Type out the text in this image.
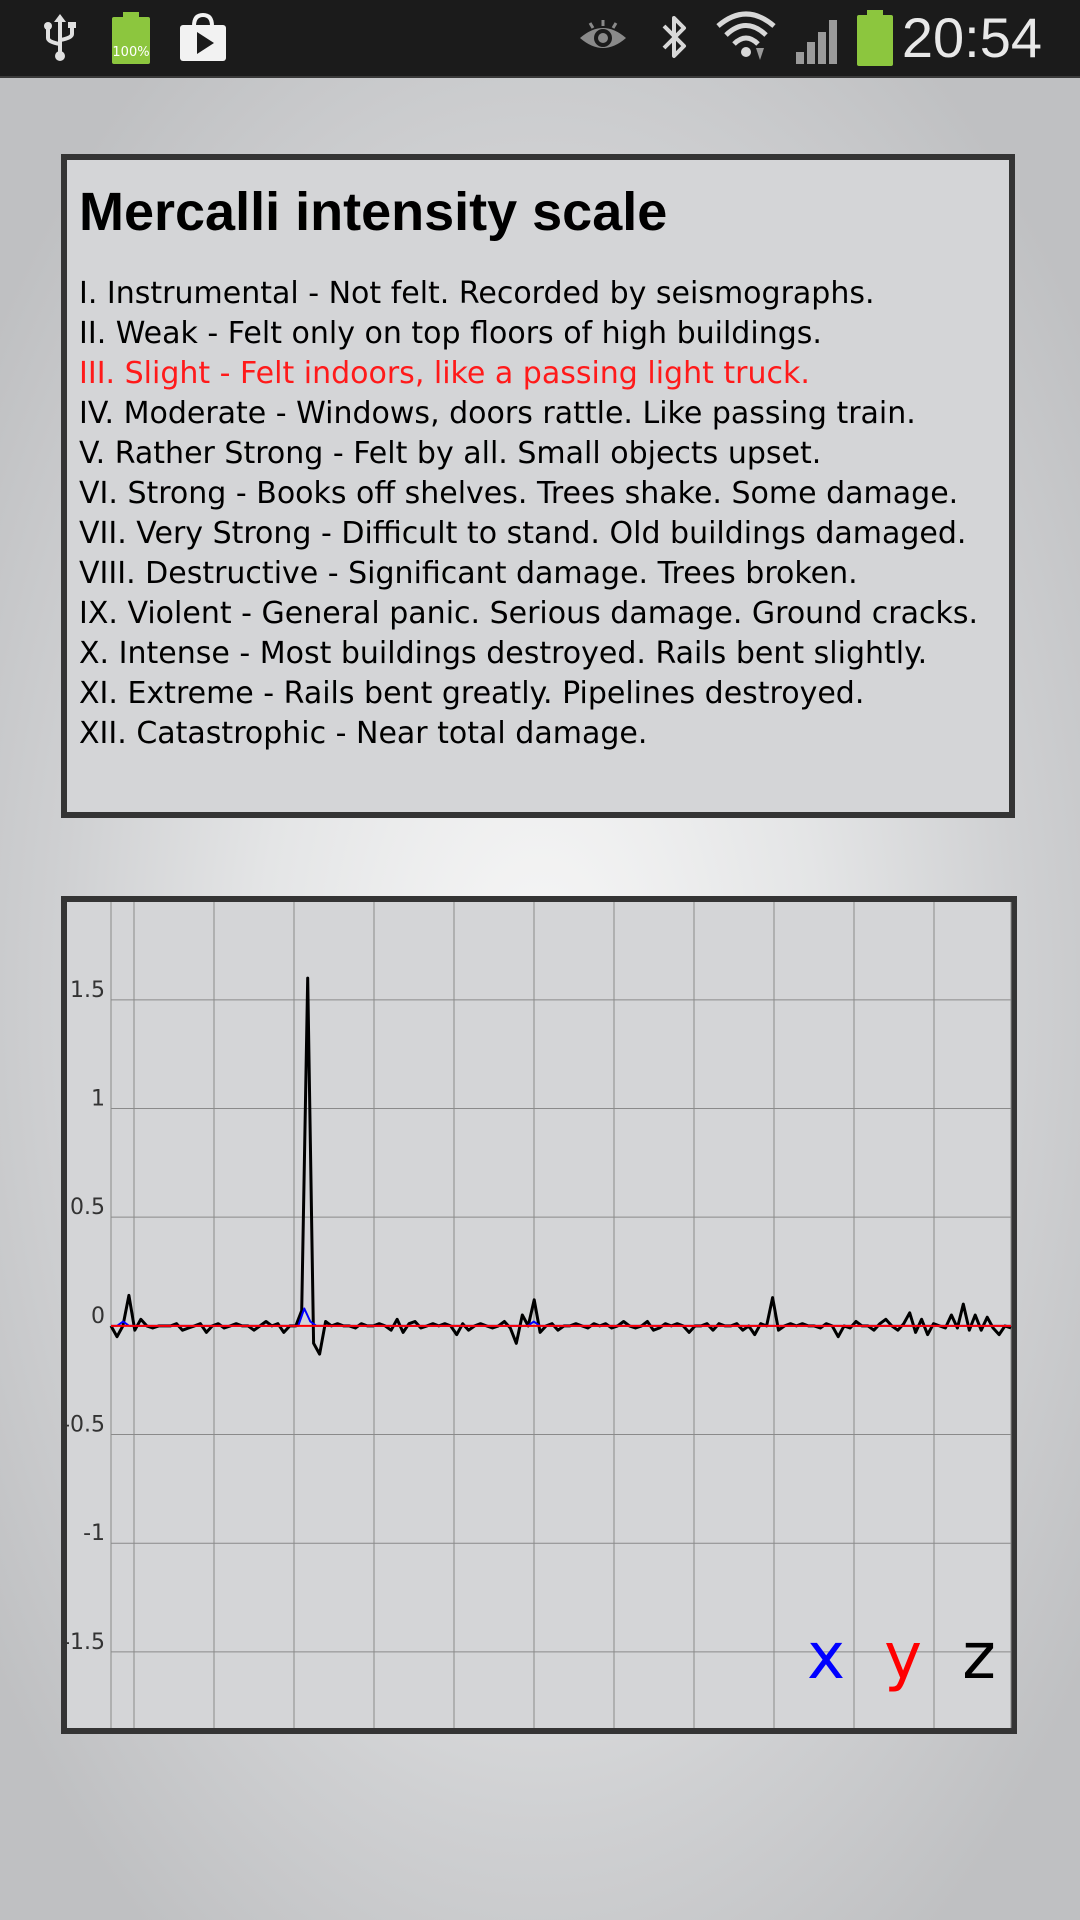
100%	20:54
Mercalli intensity scale
I. Instrumental - Not felt. Recorded by seismographs.
II. Weak - Felt only on top floors of high buildings.
III. Slight - Felt indoors, like a passing light truck.
IV. Moderate - Windows, doors rattle. Like passing train.
V. Rather Strong - Felt by all. Small objects upset.
VI. Strong - Books off shelves. Trees shake. Some damage.
VII. Very Strong - Difficult to stand. Old buildings damaged.
VIII. Destructive - Significant damage. Trees broken.
IX. Violent - General panic. Serious damage. Ground cracks.
X. Intense - Most buildings destroyed. Rails bent slightly.
XI. Extreme - Rails bent greatly. Pipelines destroyed.
XII. Catastrophic - Near total damage.
1.5
1
0.5
0
-0.5
-1
-1.5	x y z
